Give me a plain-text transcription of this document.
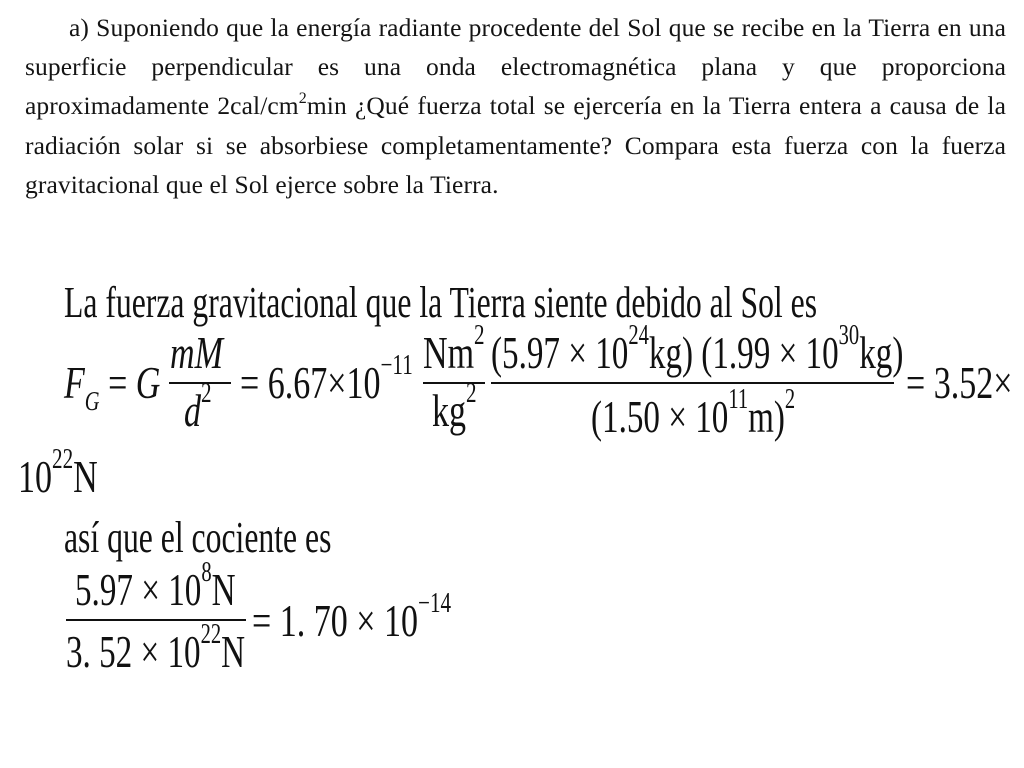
a) Suponiendo que la energía radiante procedente del Sol que se recibe en la Tierra en una superficie perpendicular es una onda electromagnética plana y que proporciona aproximadamente $2cal/cm^2\min$ ¿Qué fuerza total se ejercería en la Tierra entera a causa de la radiación solar si se absorbiese completamentamente? Compara esta fuerza con la fuerza gravitacional que el Sol ejerce sobre la Tierra.

La fuerza gravitacional que la Tierra siente debido al Sol es
$F_G = G$
mM
$d^2 = 6.67\times 10^{-11}$ Nm$^2$
$kg^2$
$(5.97 \times 10^{24}kg)$ $(1.99 \times 10^{30}kg)$
$(1.50 \times 10^{11}m)^2 = 3.52\times$
$10^{22}N$
así que el cociente es
$5.97 \times 10^8N$
3. $52 \times 10^{22}N$
= 1. $70 \times 10^{-14}$
